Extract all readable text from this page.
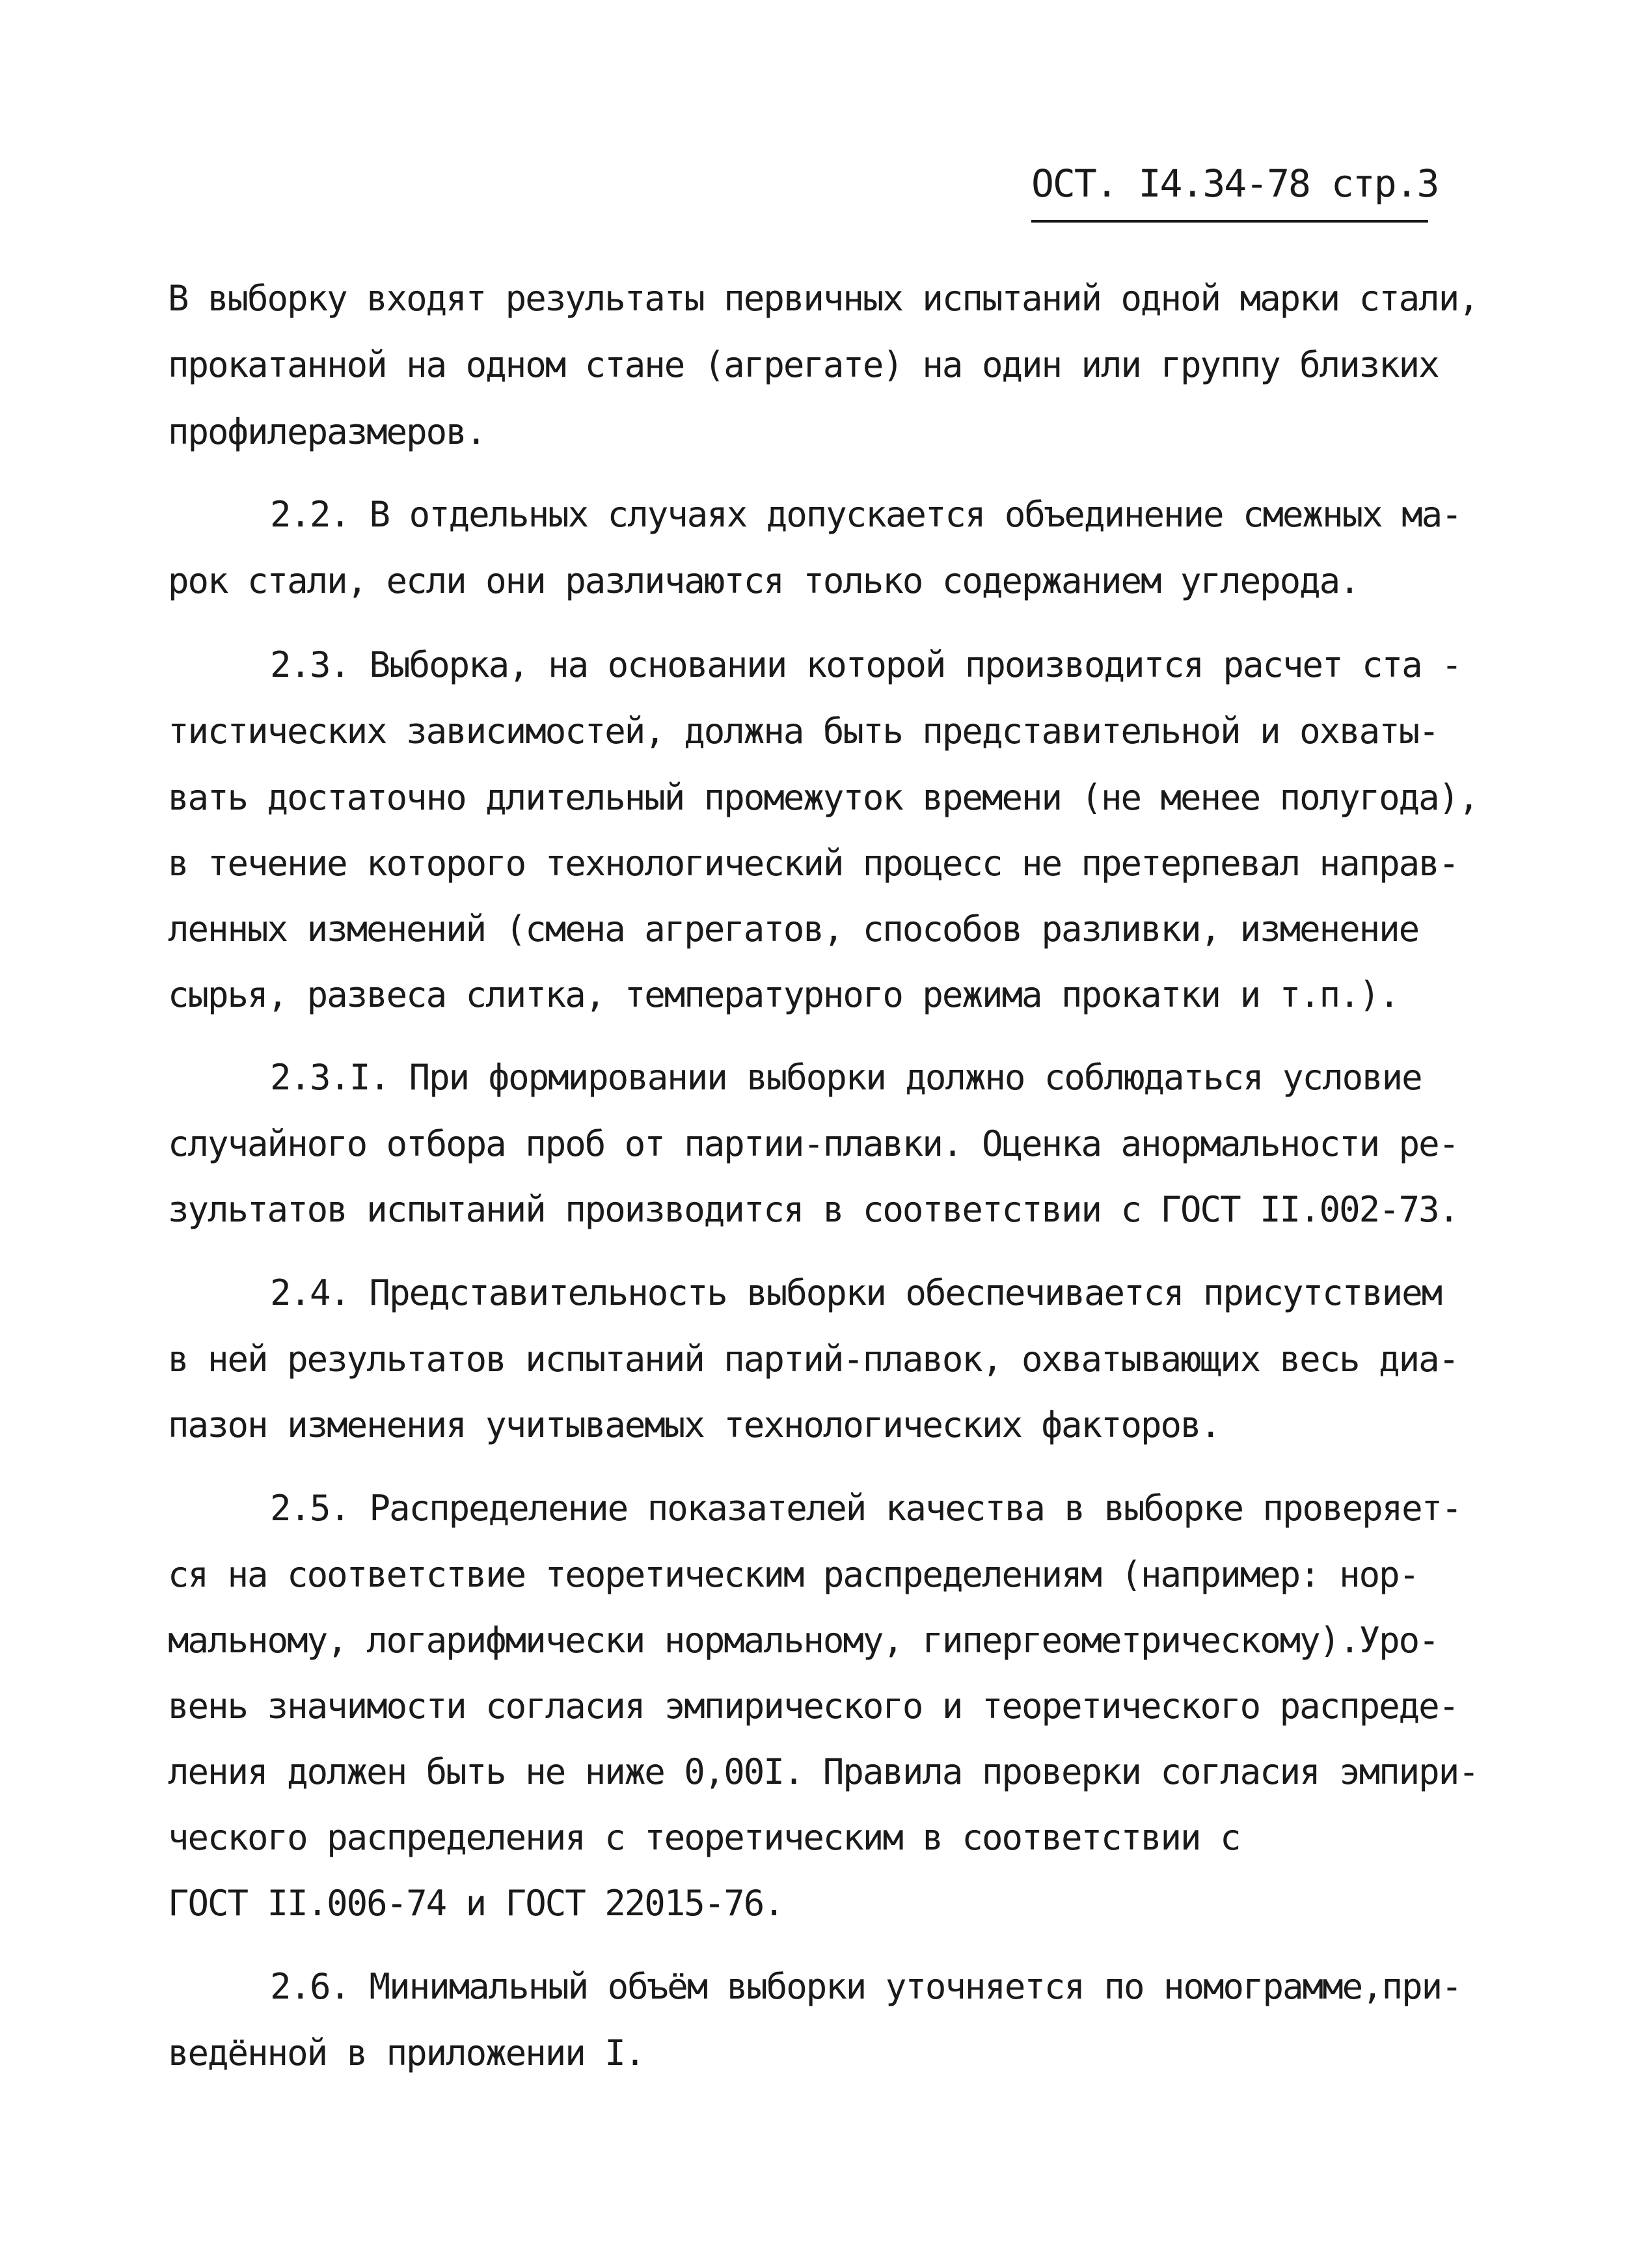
ОСТ. I4.34-78 стр.3
В выборку входят результаты первичных испытаний одной марки стали,
прокатанной на одном стане (агрегате) на один или группу близких
профилеразмеров.
2.2. В отдельных случаях допускается объединение смежных ма-
рок стали, если они различаются только содержанием углерода.
2.3. Выборка, на основании которой производится расчет ста -
тистических зависимостей, должна быть представительной и охваты-
вать достаточно длительный промежуток времени (не менее полугода),
в течение которого технологический процесс не претерпевал направ-
ленных изменений (смена агрегатов, способов разливки, изменение
сырья, развеса слитка, температурного режима прокатки и т.п.).
2.3.I. При формировании выборки должно соблюдаться условие
случайного отбора проб от партии-плавки. Оценка анормальности ре-
зультатов испытаний производится в соответствии с ГОСТ II.002-73.
2.4. Представительность выборки обеспечивается присутствием
в ней результатов испытаний партий-плавок, охватывающих весь диа-
пазон изменения учитываемых технологических факторов.
2.5. Распределение показателей качества в выборке проверяет-
ся на соответствие теоретическим распределениям (например: нор-
мальному, логарифмически нормальному, гипергеометрическому).Уро-
вень значимости согласия эмпирического и теоретического распреде-
ления должен быть не ниже 0,00I. Правила проверки согласия эмпири-
ческого распределения с теоретическим в соответствии с
ГОСТ II.006-74 и ГОСТ 22015-76.
2.6. Минимальный объём выборки уточняется по номограмме,при-
ведённой в приложении I.
